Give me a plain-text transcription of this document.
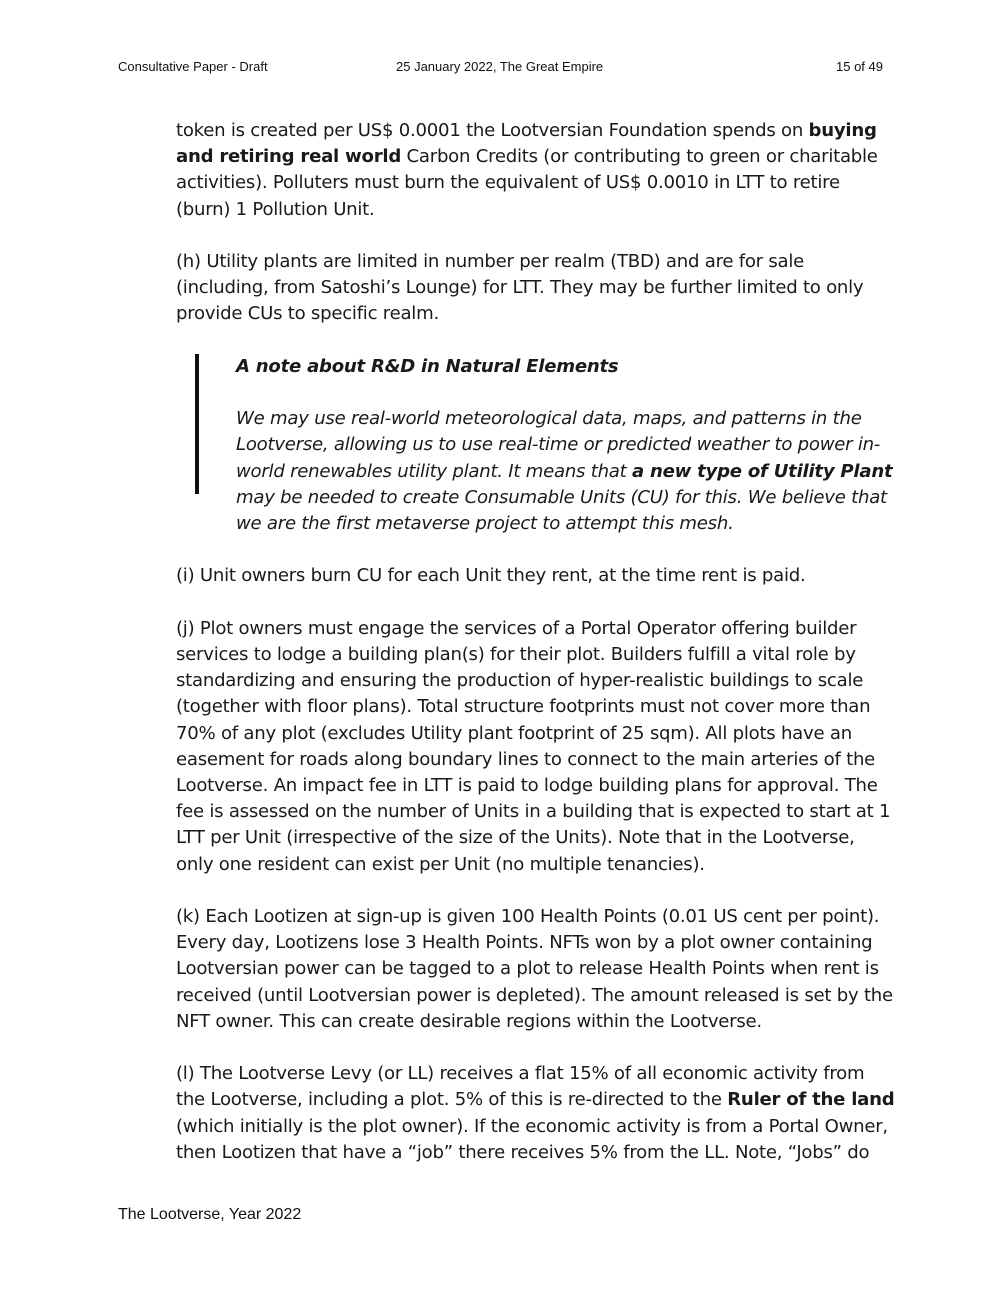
Consultative Paper - Draft	25 January 2022, The Great Empire	15 of 49

token is created per US$ 0.0001 the Lootversian Foundation spends on buying and retiring real world Carbon Credits (or contributing to green or charitable activities). Polluters must burn the equivalent of US$ 0.0010 in LTT to retire (burn) 1 Pollution Unit.

(h) Utility plants are limited in number per realm (TBD) and are for sale (including, from Satoshi’s Lounge) for LTT. They may be further limited to only provide CUs to specific realm.

A note about R&D in Natural Elements

We may use real-world meteorological data, maps, and patterns in the Lootverse, allowing us to use real-time or predicted weather to power in-world renewables utility plant. It means that a new type of Utility Plant may be needed to create Consumable Units (CU) for this. We believe that we are the first metaverse project to attempt this mesh.

(i) Unit owners burn CU for each Unit they rent, at the time rent is paid.

(j) Plot owners must engage the services of a Portal Operator offering builder services to lodge a building plan(s) for their plot. Builders fulfill a vital role by standardizing and ensuring the production of hyper-realistic buildings to scale (together with floor plans). Total structure footprints must not cover more than 70% of any plot (excludes Utility plant footprint of 25 sqm). All plots have an easement for roads along boundary lines to connect to the main arteries of the Lootverse. An impact fee in LTT is paid to lodge building plans for approval. The fee is assessed on the number of Units in a building that is expected to start at 1 LTT per Unit (irrespective of the size of the Units). Note that in the Lootverse, only one resident can exist per Unit (no multiple tenancies).

(k) Each Lootizen at sign-up is given 100 Health Points (0.01 US cent per point). Every day, Lootizens lose 3 Health Points. NFTs won by a plot owner containing Lootversian power can be tagged to a plot to release Health Points when rent is received (until Lootversian power is depleted). The amount released is set by the NFT owner. This can create desirable regions within the Lootverse.

(l) The Lootverse Levy (or LL) receives a flat 15% of all economic activity from the Lootverse, including a plot. 5% of this is re-directed to the Ruler of the land (which initially is the plot owner). If the economic activity is from a Portal Owner, then Lootizen that have a “job” there receives 5% from the LL. Note, “Jobs” do

The Lootverse, Year 2022
